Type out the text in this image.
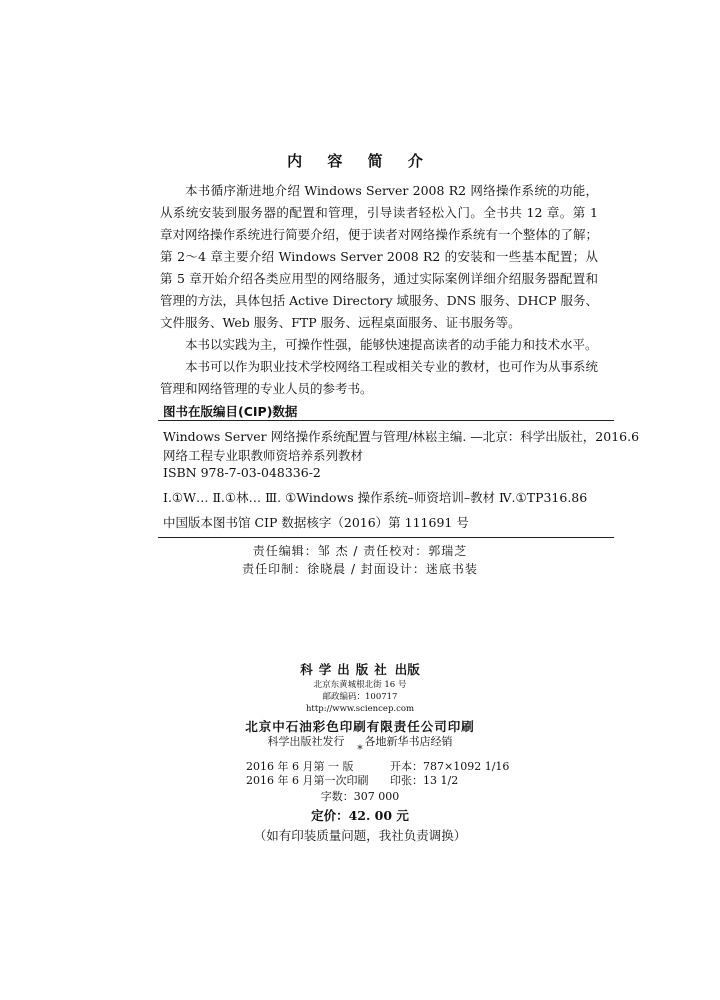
内 容 简 介

本书循序渐进地介绍 Windows Server 2008 R2 网络操作系统的功能，从系统安装到服务器的配置和管理，引导读者轻松入门。全书共 12 章。第 1 章对网络操作系统进行简要介绍，便于读者对网络操作系统有一个整体的了解；第 2～4 章主要介绍 Windows Server 2008 R2 的安装和一些基本配置；从第 5 章开始介绍各类应用型的网络服务，通过实际案例详细介绍服务器配置和管理的方法，具体包括 Active Directory 域服务、DNS 服务、DHCP 服务、文件服务、Web 服务、FTP 服务、远程桌面服务、证书服务等。

本书以实践为主，可操作性强，能够快速提高读者的动手能力和技术水平。

本书可以作为职业技术学校网络工程或相关专业的教材，也可作为从事系统管理和网络管理的专业人员的参考书。

图书在版编目(CIP)数据
Windows Server 网络操作系统配置与管理/林崧主编. —北京：科学出版社，2016.6
网络工程专业职教师资培养系列教材
ISBN 978-7-03-048336-2
Ⅰ.①W… Ⅱ.①林… Ⅲ. ①Windows 操作系统–师资培训–教材 Ⅳ.①TP316.86
中国版本图书馆 CIP 数据核字（2016）第 111691 号
责任编辑：邹 杰 / 责任校对：郭瑞芝
责任印制：徐晓晨 / 封面设计：迷底书装
科学出版社 出版
北京东黄城根北街 16 号
邮政编码：100717
http://www.sciencep.com
北京中石油彩色印刷有限责任公司印刷
科学出版社发行 各地新华书店经销
*
2016 年 6 月第 一 版	开本：787×1092 1/16
2016 年 6 月第一次印刷 印张：13 1/2
字数：307 000
定价：42. 00 元
（如有印装质量问题，我社负责调换）
